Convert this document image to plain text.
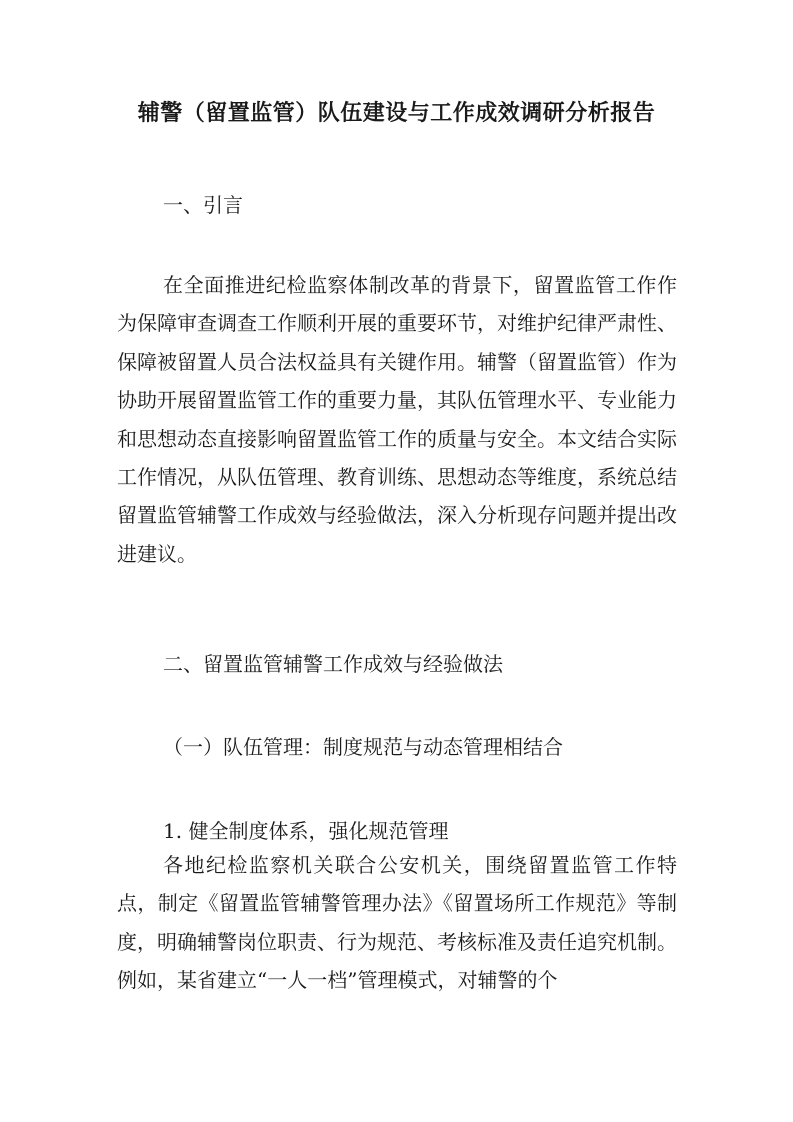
辅警（留置监管）队伍建设与工作成效调研分析报告
一、引言
在全面推进纪检监察体制改革的背景下，留置监管工作作为保障审查调查工作顺利开展的重要环节，对维护纪律严肃性、保障被留置人员合法权益具有关键作用。辅警（留置监管）作为协助开展留置监管工作的重要力量，其队伍管理水平、专业能力和思想动态直接影响留置监管工作的质量与安全。本文结合实际工作情况，从队伍管理、教育训练、思想动态等维度，系统总结留置监管辅警工作成效与经验做法，深入分析现存问题并提出改进建议。
二、留置监管辅警工作成效与经验做法
（一）队伍管理：制度规范与动态管理相结合
1. 健全制度体系，强化规范管理
各地纪检监察机关联合公安机关，围绕留置监管工作特点，制定《留置监管辅警管理办法》《留置场所工作规范》等制度，明确辅警岗位职责、行为规范、考核标准及责任追究机制。例如，某省建立“一人一档”管理模式，对辅警的个
